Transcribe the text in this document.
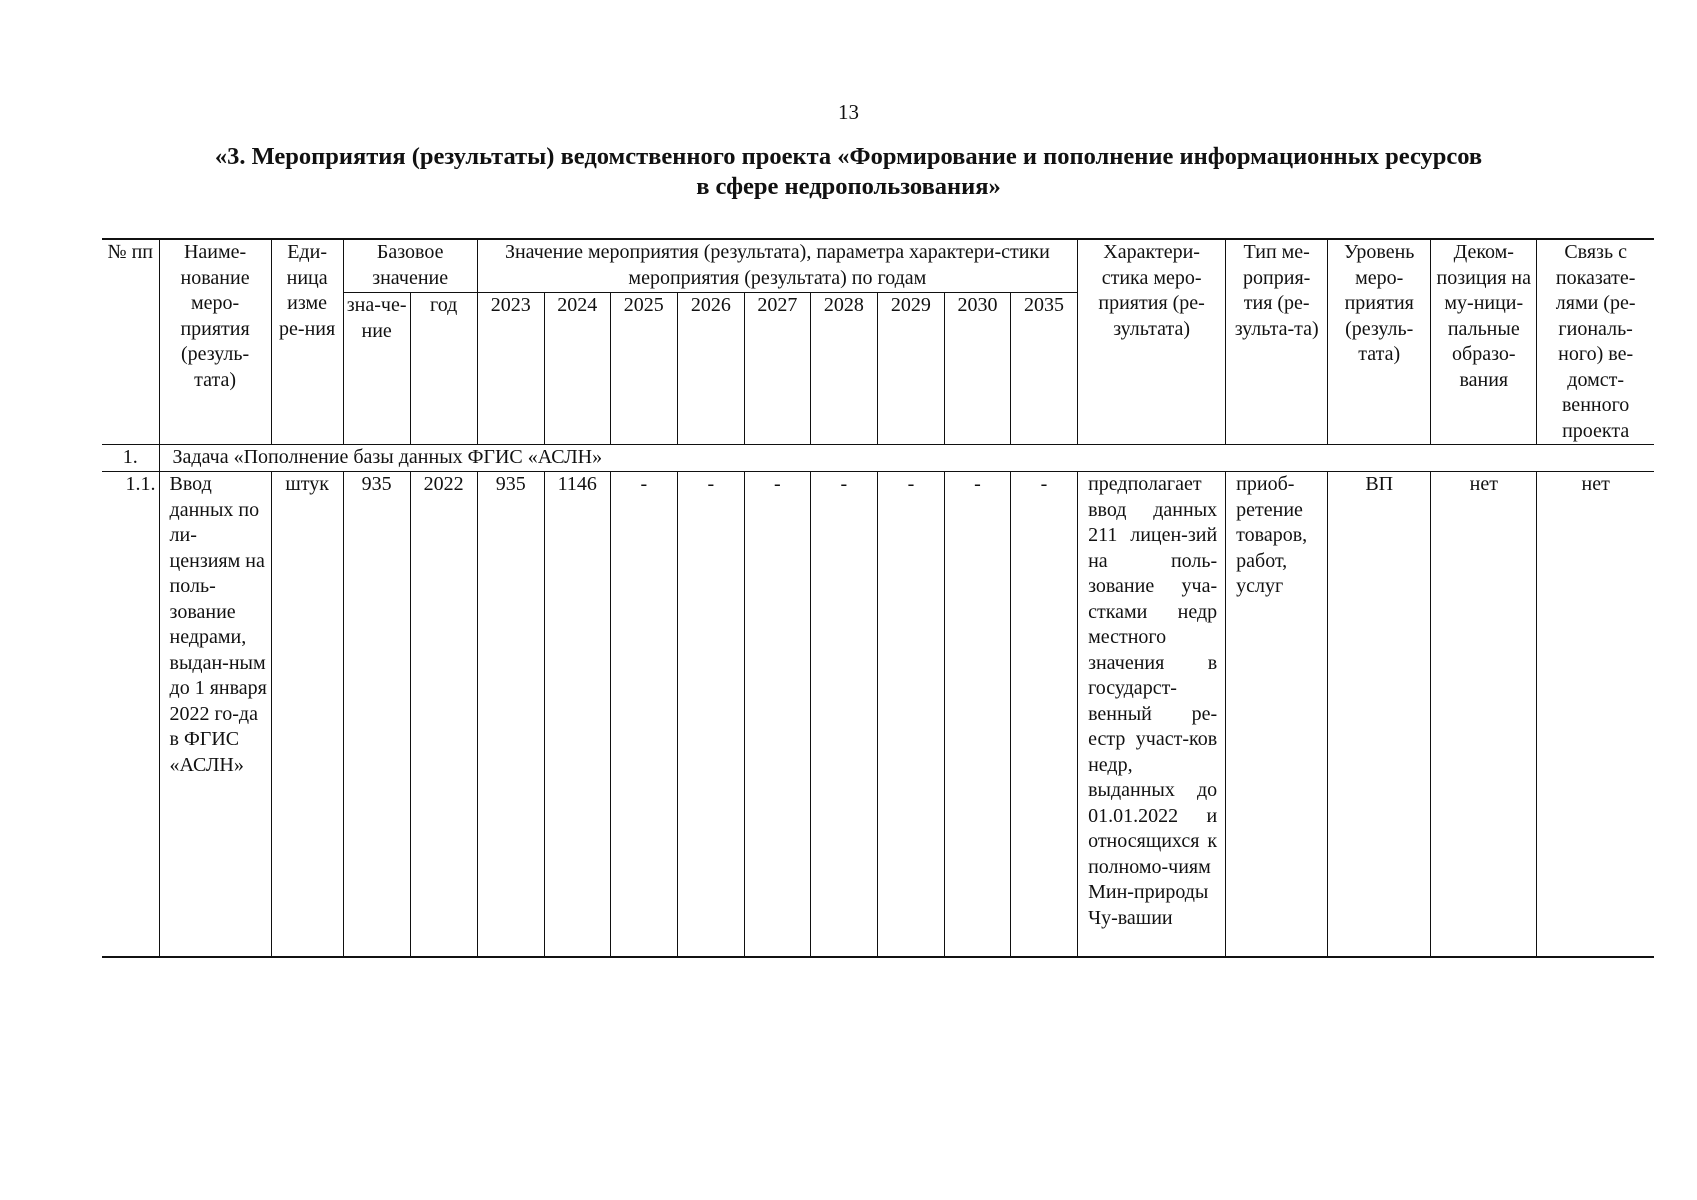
13
«3. Мероприятия (результаты) ведомственного проекта «Формирование и пополнение информационных ресурсов
в сфере недропользования»
№ пп	Наиме-нование меро-приятия (резуль-тата)	Еди-ница изме ре-ния	Базовое значение		Значение мероприятия (результата), параметра характери-стики мероприятия (результата) по годам									Характери-стика меро-приятия (ре-зультата)	Тип ме-роприя-тия (ре-зульта-та)	Уровень меро-приятия (резуль-тата)	Деком-позиция на му-ници-пальные образо-вания	Связь с показате-лями (ре-гиональ-ного) ве-домст-венного проекта

			зна-че-ние	год	2023	2024	2025	2026	2027	2028	2029	2030	2035					

1.	Задача «Пополнение базы данных ФГИС «АСЛН»																	
1.1.	Ввод данных по ли-цензиям на поль-зование недрами, выдан-ным до 1 января 2022 го-да в ФГИС «АСЛН»	штук	935	2022	935	1146	-	-	-	-	-	-	-	предполагает ввод данных 211 лицен-зий на поль-зование уча-стками недр местного значения в государст-венный ре-естр участ-ков недр, выданных до 01.01.2022 и относящихся к полномо-чиям Мин-природы Чу-вашии	приоб-ретение товаров, работ, услуг	ВП	нет	нет
